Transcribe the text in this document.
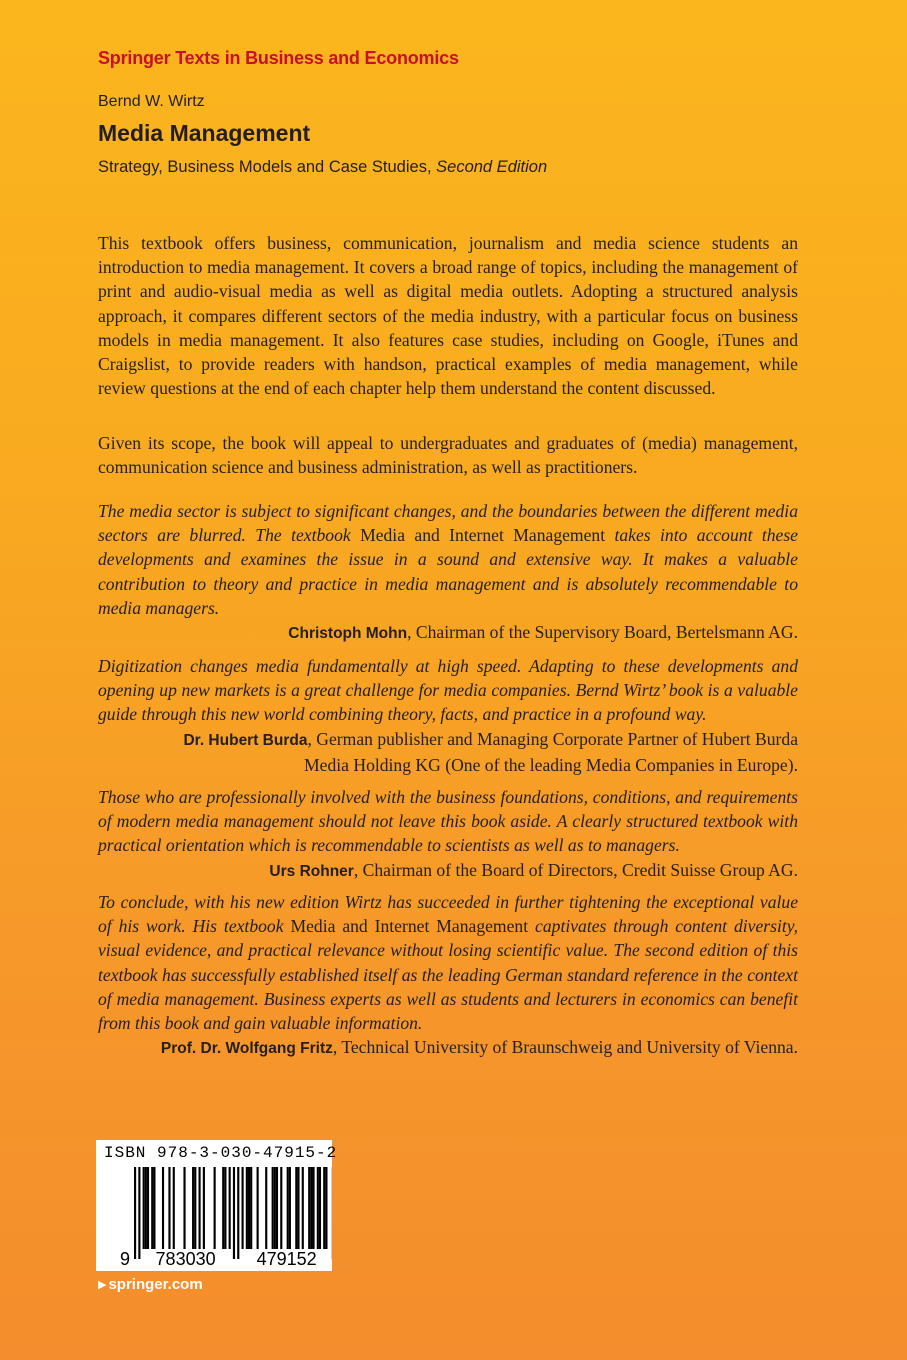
Springer Texts in Business and Economics
Bernd W. Wirtz
Media Management
Strategy, Business Models and Case Studies, Second Edition

This textbook offers business, communication, journalism and media science students an introduction to media management. It covers a broad range of topics, including the management of print and audio-visual media as well as digital media outlets. Adopting a structured analysis approach, it compares different sectors of the media industry, with a particular focus on business models in media management. It also features case studies, including on Google, iTunes and Craigslist, to provide readers with handson, practical examples of media management, while review questions at the end of each chapter help them understand the content discussed.

Given its scope, the book will appeal to undergraduates and graduates of (media) management, communication science and business administration, as well as practitioners.

The media sector is subject to significant changes, and the boundaries between the different media sectors are blurred. The textbook Media and Internet Management takes into account these developments and examines the issue in a sound and extensive way. It makes a valuable contribution to theory and practice in media management and is absolutely recommendable to media managers.
Christoph Mohn, Chairman of the Supervisory Board, Bertelsmann AG.
Digitization changes media fundamentally at high speed. Adapting to these developments and opening up new markets is a great challenge for media companies. Bernd Wirtz’ book is a valuable guide through this new world combining theory, facts, and practice in a profound way.
Dr. Hubert Burda, German publisher and Managing Corporate Partner of Hubert Burda Media Holding KG (One of the leading Media Companies in Europe).
Those who are professionally involved with the business foundations, conditions, and requirements of modern media management should not leave this book aside. A clearly structured textbook with practical orientation which is recommendable to scientists as well as to managers.
Urs Rohner, Chairman of the Board of Directors, Credit Suisse Group AG.
To conclude, with his new edition Wirtz has succeeded in further tightening the exceptional value of his work. His textbook Media and Internet Management captivates through content diversity, visual evidence, and practical relevance without losing scientific value. The second edition of this textbook has successfully established itself as the leading German standard reference in the context of media management. Business experts as well as students and lecturers in economics can benefit from this book and gain valuable information.
Prof. Dr. Wolfgang Fritz, Technical University of Braunschweig and University of Vienna.
ISBN 978-3-030-47915-2
9 783030 479152
▶ springer.com
